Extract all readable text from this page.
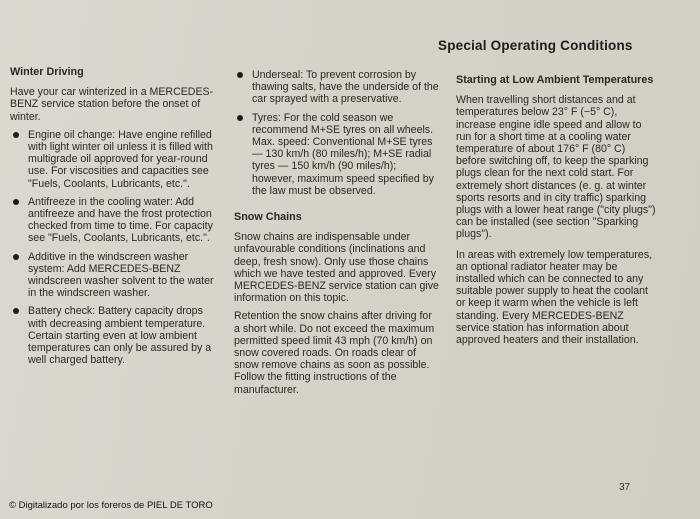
Special Operating Conditions
Winter Driving
Have your car winterized in a MERCEDES-BENZ service station before the onset of winter.
Engine oil change: Have engine refilled with light winter oil unless it is filled with multigrade oil approved for year-round use. For viscosities and capacities see "Fuels, Coolants, Lubricants, etc.".
Antifreeze in the cooling water: Add antifreeze and have the frost protection checked from time to time. For capacity see "Fuels, Coolants, Lubricants, etc.".
Additive in the windscreen washer system: Add MERCEDES-BENZ windscreen washer solvent to the water in the windscreen washer.
Battery check: Battery capacity drops with decreasing ambient temperature. Certain starting even at low ambient temperatures can only be assured by a well charged battery.
Underseal: To prevent corrosion by thawing salts, have the underside of the car sprayed with a preservative.
Tyres: For the cold season we recommend M+SE tyres on all wheels.
Max. speed: Conventional M+SE tyres — 130 km/h (80 miles/h); M+SE radial tyres — 150 km/h (90 miles/h); however, maximum speed specified by the law must be observed.
Snow Chains
Snow chains are indispensable under unfavourable conditions (inclinations and deep, fresh snow). Only use those chains which we have tested and approved. Every MERCEDES-BENZ service station can give information on this topic.
Retention the snow chains after driving for a short while. Do not exceed the maximum permitted speed limit 43 mph (70 km/h) on snow covered roads. On roads clear of snow remove chains as soon as possible. Follow the fitting instructions of the manufacturer.
Starting at Low Ambient Temperatures
When travelling short distances and at temperatures below 23° F (−5° C), increase engine idle speed and allow to run for a short time at a cooling water temperature of about 176° F (80° C) before switching off, to keep the sparking plugs clean for the next cold start. For extremely short distances (e. g. at winter sports resorts and in city traffic) sparking plugs with a lower heat range ("city plugs") can be installed (see section "Sparking plugs").
In areas with extremely low temperatures, an optional radiator heater may be installed which can be connected to any suitable power supply to heat the coolant or keep it warm when the vehicle is left standing. Every MERCEDES-BENZ service station has information about approved heaters and their installation.
37
© Digitalizado por los foreros de PIEL DE TORO
